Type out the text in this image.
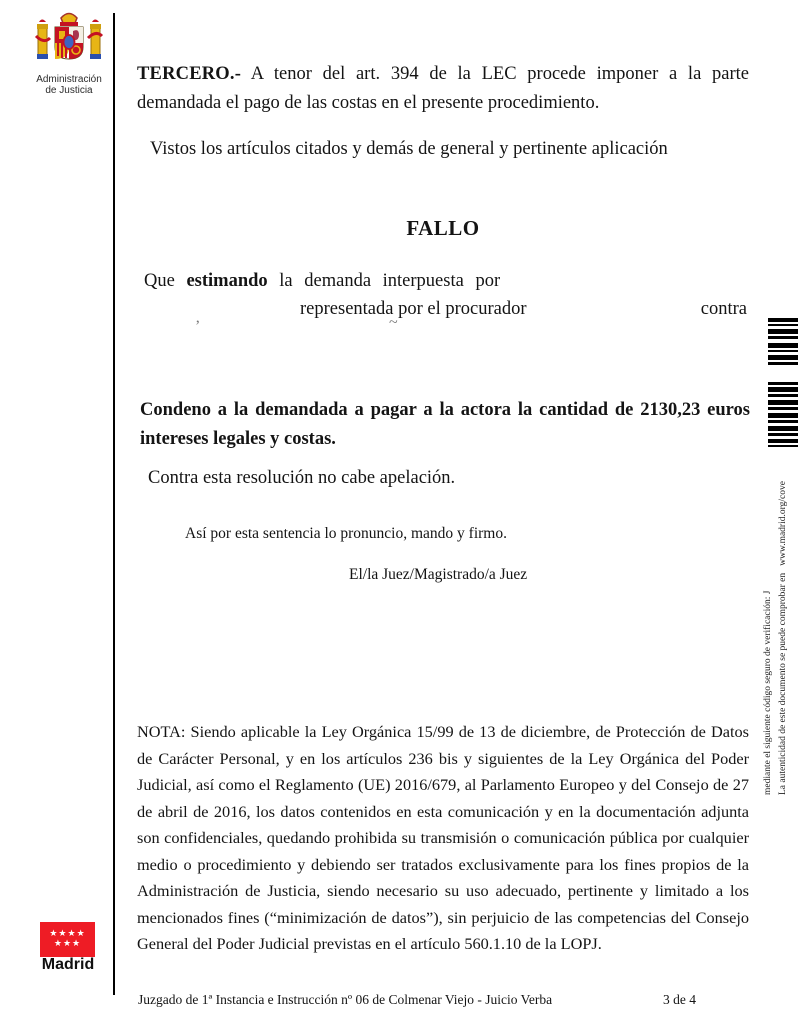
Administración
de Justicia
TERCERO.- A tenor del art. 394 de la LEC procede imponer a la parte demandada el pago de las costas en el presente procedimiento.
Vistos los artículos citados y demás de general y pertinente aplicación
FALLO
Que estimando la demanda interpuesta por
representada por el procurador	contra
’	~
Condeno a la demandada a pagar a la actora la cantidad de 2130,23 euros intereses legales y costas.
Contra esta resolución no cabe apelación.
Así por esta sentencia lo pronuncio, mando y firmo.
El/la Juez/Magistrado/a Juez
NOTA: Siendo aplicable la Ley Orgánica 15/99 de 13 de diciembre, de Protección de Datos de Carácter Personal, y en los artículos 236 bis y siguientes de la Ley Orgánica del Poder Judicial, así como el Reglamento (UE) 2016/679, al Parlamento Europeo y del Consejo de 27 de abril de 2016, los datos contenidos en esta comunicación y en la documentación adjunta son confidenciales, quedando prohibida su transmisión o comunicación pública por cualquier medio o procedimiento y debiendo ser tratados exclusivamente para los fines propios de la Administración de Justicia, siendo necesario su uso adecuado, pertinente y limitado a los mencionados fines (“minimización de datos”), sin perjuicio de las competencias del Consejo General del Poder Judicial previstas en el artículo 560.1.10 de la LOPJ.
mediante el siguiente código seguro de verificación: J La autenticidad de este documento se puede comprobar en   www.madrid.org/cove
★★★★
★★★
Madrid
Juzgado de 1ª Instancia e Instrucción nº 06 de Colmenar Viejo - Juicio Verba	3 de 4
